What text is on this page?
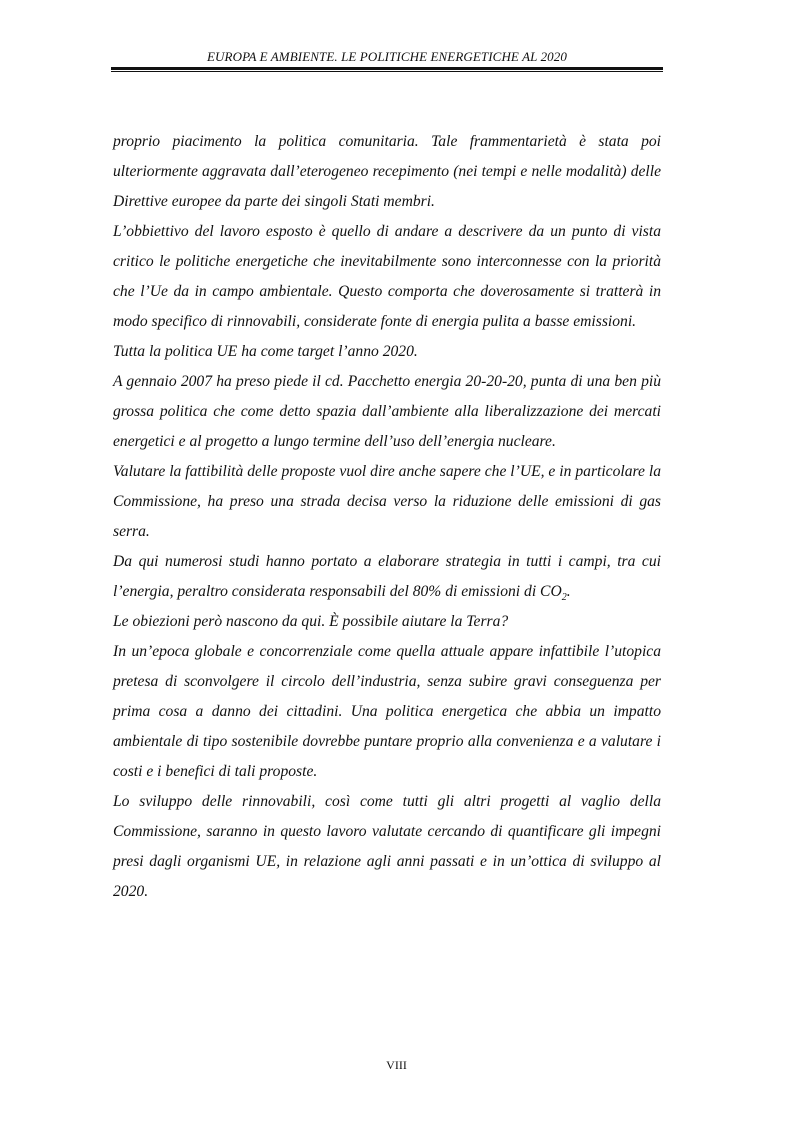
EUROPA E AMBIENTE. LE POLITICHE ENERGETICHE AL 2020

proprio piacimento la politica comunitaria. Tale frammentarietà è stata poi ulteriormente aggravata dall’eterogeneo recepimento (nei tempi e nelle modalità) delle Direttive europee da parte dei singoli Stati membri.

L’obbiettivo del lavoro esposto è quello di andare a descrivere da un punto di vista critico le politiche energetiche che inevitabilmente sono interconnesse con la priorità che l’Ue da in campo ambientale. Questo comporta che doverosamente si tratterà in modo specifico di rinnovabili, considerate fonte di energia pulita a basse emissioni.

Tutta la politica UE ha come target l’anno 2020.

A gennaio 2007 ha preso piede il cd. Pacchetto energia 20-20-20, punta di una ben più grossa politica che come detto spazia dall’ambiente alla liberalizzazione dei mercati energetici e al progetto a lungo termine dell’uso dell’energia nucleare.

Valutare la fattibilità delle proposte vuol dire anche sapere che l’UE, e in particolare la Commissione, ha preso una strada decisa verso la riduzione delle emissioni di gas serra.

Da qui numerosi studi hanno portato a elaborare strategia in tutti i campi, tra cui l’energia, peraltro considerata responsabili del 80% di emissioni di $CO_2$.

Le obiezioni però nascono da qui. È possibile aiutare la Terra?

In un’epoca globale e concorrenziale come quella attuale appare infattibile l’utopica pretesa di sconvolgere il circolo dell’industria, senza subire gravi conseguenza per prima cosa a danno dei cittadini. Una politica energetica che abbia un impatto ambientale di tipo sostenibile dovrebbe puntare proprio alla convenienza e a valutare i costi e i benefici di tali proposte.

Lo sviluppo delle rinnovabili, così come tutti gli altri progetti al vaglio della Commissione, saranno in questo lavoro valutate cercando di quantificare gli impegni presi dagli organismi UE, in relazione agli anni passati e in un’ottica di sviluppo al 2020.

VIII
